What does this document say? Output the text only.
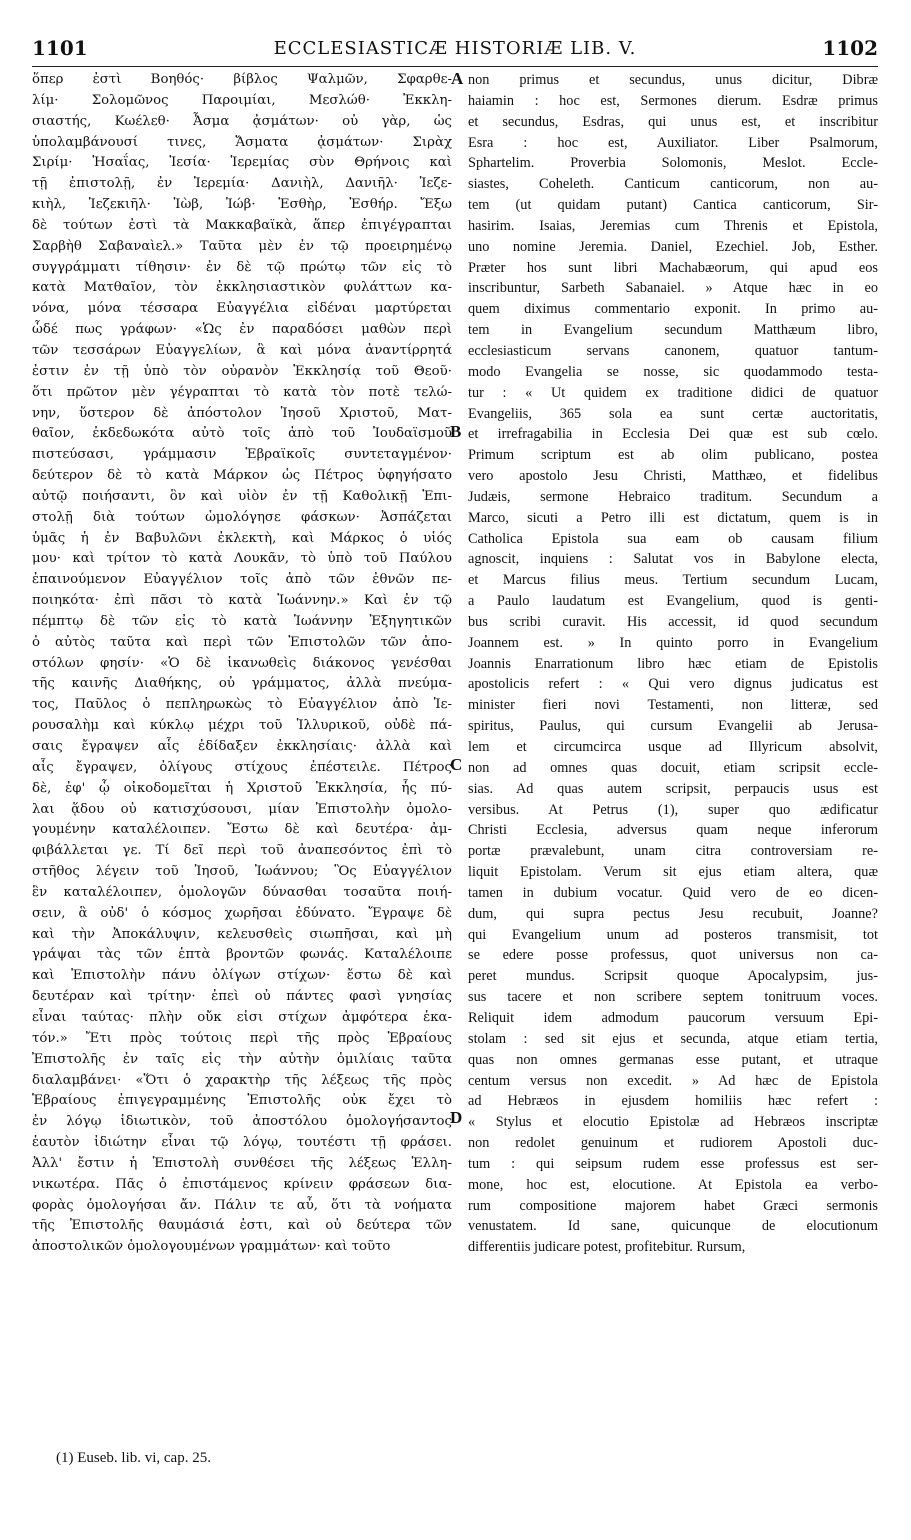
1101	ECCLESIASTICÆ HISTORIÆ LIB. V.	1102
ὅπερ ἐστὶ Βοηθός· βίβλος Ψαλμῶν, Σφαρθε-
λίμ· Σολομῶνος Παροιμίαι, Μεσλώθ· Ἐκκλη-
σιαστής, Κωέλεθ· Ἆσμα ᾀσμάτων· οὐ γὰρ, ὡς
ὑπολαμβάνουσί τινες, Ἄσματα ᾀσμάτων· Σιρὰχ
Σιρίμ· Ἡσαΐας, Ἰεσία· Ἱερεμίας σὺν Θρήνοις καὶ
τῇ ἐπιστολῇ, ἐν Ἱερεμία· Δανιὴλ, Δανιῆλ· Ἰεζε-
κιὴλ, Ἰεζεκιῆλ· Ἰὼβ, Ἰώβ· Ἐσθὴρ, Ἐσθήρ. Ἔξω
δὲ τούτων ἐστὶ τὰ Μακκαβαϊκὰ, ἅπερ ἐπιγέγραπται
Σαρβὴθ Σαβαναὶελ.» Ταῦτα μὲν ἐν τῷ προειρημένῳ
συγγράμματι τίθησιν· ἐν δὲ τῷ πρώτῳ τῶν εἰς τὸ
κατὰ Ματθαῖον, τὸν ἐκκλησιαστικὸν φυλάττων κα-
νόνα, μόνα τέσσαρα Εὐαγγέλια εἰδέναι μαρτύρεται
ὧδέ πως γράφων· «Ὡς ἐν παραδόσει μαθὼν περὶ
τῶν τεσσάρων Εὐαγγελίων, ἃ καὶ μόνα ἀναντίρρητά
ἐστιν ἐν τῇ ὑπὸ τὸν οὐρανὸν Ἐκκλησίᾳ τοῦ Θεοῦ·
ὅτι πρῶτον μὲν γέγραπται τὸ κατὰ τὸν ποτὲ τελώ-
νην, ὕστερον δὲ ἀπόστολον Ἰησοῦ Χριστοῦ, Ματ-
θαῖον, ἐκδεδωκότα αὐτὸ τοῖς ἀπὸ τοῦ Ἰουδαϊσμοῦ
πιστεύσασι, γράμμασιν Ἑβραϊκοῖς συντεταγμένον·
δεύτερον δὲ τὸ κατὰ Μάρκον ὡς Πέτρος ὑφηγήσατο
αὐτῷ ποιήσαντι, ὃν καὶ υἱὸν ἐν τῇ Καθολικῇ Ἐπι-
στολῇ διὰ τούτων ὡμολόγησε φάσκων· Ἀσπάζεται
ὑμᾶς ἡ ἐν Βαβυλῶνι ἐκλεκτὴ, καὶ Μάρκος ὁ υἱός
μου· καὶ τρίτον τὸ κατὰ Λουκᾶν, τὸ ὑπὸ τοῦ Παύλου
ἐπαινούμενον Εὐαγγέλιον τοῖς ἀπὸ τῶν ἐθνῶν πε-
ποιηκότα· ἐπὶ πᾶσι τὸ κατὰ Ἰωάννην.» Καὶ ἐν τῷ
πέμπτῳ δὲ τῶν εἰς τὸ κατὰ Ἰωάννην Ἐξηγητικῶν
ὁ αὐτὸς ταῦτα καὶ περὶ τῶν Ἐπιστολῶν τῶν ἀπο-
στόλων φησίν· «Ὁ δὲ ἱκανωθεὶς διάκονος γενέσθαι
τῆς καινῆς Διαθήκης, οὐ γράμματος, ἀλλὰ πνεύμα-
τος, Παῦλος ὁ πεπληρωκὼς τὸ Εὐαγγέλιον ἀπὸ Ἱε-
ρουσαλὴμ καὶ κύκλῳ μέχρι τοῦ Ἰλλυρικοῦ, οὐδὲ πά-
σαις ἔγραψεν αἷς ἐδίδαξεν ἐκκλησίαις· ἀλλὰ καὶ
αἷς ἔγραψεν, ὀλίγους στίχους ἐπέστειλε. Πέτρος
δὲ, ἐφ' ᾧ οἰκοδομεῖται ἡ Χριστοῦ Ἐκκλησία, ἧς πύ-
λαι ᾅδου οὐ κατισχύσουσι, μίαν Ἐπιστολὴν ὁμολο-
γουμένην καταλέλοιπεν. Ἔστω δὲ καὶ δευτέρα· ἀμ-
φιβάλλεται γε. Τί δεῖ περὶ τοῦ ἀναπεσόντος ἐπὶ τὸ
στῆθος λέγειν τοῦ Ἰησοῦ, Ἰωάννου; Ὃς Εὐαγγέλιον
ἓν καταλέλοιπεν, ὁμολογῶν δύνασθαι τοσαῦτα ποιή-
σειν, ἃ οὐδ' ὁ κόσμος χωρῆσαι ἐδύνατο. Ἔγραψε δὲ
καὶ τὴν Ἀποκάλυψιν, κελευσθεὶς σιωπῆσαι, καὶ μὴ
γράψαι τὰς τῶν ἑπτὰ βροντῶν φωνάς. Καταλέλοιπε
καὶ Ἐπιστολὴν πάνυ ὀλίγων στίχων· ἔστω δὲ καὶ
δευτέραν καὶ τρίτην· ἐπεὶ οὐ πάντες φασὶ γνησίας
εἶναι ταύτας· πλὴν οὔκ εἰσι στίχων ἀμφότερα ἑκα-
τόν.» Ἔτι πρὸς τούτοις περὶ τῆς πρὸς Ἑβραίους
Ἐπιστολῆς ἐν ταῖς εἰς τὴν αὐτὴν ὁμιλίαις ταῦτα
διαλαμβάνει· «Ὅτι ὁ χαρακτὴρ τῆς λέξεως τῆς πρὸς
Ἑβραίους ἐπιγεγραμμένης Ἐπιστολῆς οὐκ ἔχει τὸ
ἐν λόγῳ ἰδιωτικὸν, τοῦ ἀποστόλου ὁμολογήσαντος
ἑαυτὸν ἰδιώτην εἶναι τῷ λόγῳ, τουτέστι τῇ φράσει.
Ἀλλ' ἔστιν ἡ Ἐπιστολὴ συνθέσει τῆς λέξεως Ἑλλη-
νικωτέρα. Πᾶς ὁ ἐπιστάμενος κρίνειν φράσεων δια-
φορὰς ὁμολογήσαι ἄν. Πάλιν τε αὖ, ὅτι τὰ νοήματα
τῆς Ἐπιστολῆς θαυμάσιά ἐστι, καὶ οὐ δεύτερα τῶν
ἀποστολικῶν ὁμολογουμένων γραμμάτων· καὶ τοῦτο
non primus et secundus, unus dicitur, Dibræ
haiamin : hoc est, Sermones dierum. Esdræ primus
et secundus, Esdras, qui unus est, et inscribitur
Esra : hoc est, Auxiliator. Liber Psalmorum,
Sphartelim. Proverbia Solomonis, Meslot. Eccle-
siastes, Coheleth. Canticum canticorum, non au-
tem (ut quidam putant) Cantica canticorum, Sir-
hasirim. Isaias, Jeremias cum Threnis et Epistola,
uno nomine Jeremia. Daniel, Ezechiel. Job, Esther.
Præter hos sunt libri Machabæorum, qui apud eos
inscribuntur, Sarbeth Sabanaiel. » Atque hæc in eo
quem diximus commentario exponit. In primo au-
tem in Evangelium secundum Matthæum libro,
ecclesiasticum servans canonem, quatuor tantum-
modo Evangelia se nosse, sic quodammodo testa-
tur : « Ut quidem ex traditione didici de quatuor
Evangeliis, 365 sola ea sunt certæ auctoritatis,
et irrefragabilia in Ecclesia Dei quæ est sub cœlo.
Primum scriptum est ab olim publicano, postea
vero apostolo Jesu Christi, Matthæo, et fidelibus
Judæis, sermone Hebraico traditum. Secundum a
Marco, sicuti a Petro illi est dictatum, quem is in
Catholica Epistola sua eam ob causam filium
agnoscit, inquiens : Salutat vos in Babylone electa,
et Marcus filius meus. Tertium secundum Lucam,
a Paulo laudatum est Evangelium, quod is genti-
bus scribi curavit. His accessit, id quod secundum
Joannem est. » In quinto porro in Evangelium
Joannis Enarrationum libro hæc etiam de Epistolis
apostolicis refert : « Qui vero dignus judicatus est
minister fieri novi Testamenti, non litteræ, sed
spiritus, Paulus, qui cursum Evangelii ab Jerusa-
lem et circumcirca usque ad Illyricum absolvit,
non ad omnes quas docuit, etiam scripsit eccle-
sias. Ad quas autem scripsit, perpaucis usus est
versibus. At Petrus (1), super quo ædificatur
Christi Ecclesia, adversus quam neque inferorum
portæ prævalebunt, unam citra controversiam re-
liquit Epistolam. Verum sit ejus etiam altera, quæ
tamen in dubium vocatur. Quid vero de eo dicen-
dum, qui supra pectus Jesu recubuit, Joanne?
qui Evangelium unum ad posteros transmisit, tot
se edere posse professus, quot universus non ca-
peret mundus. Scripsit quoque Apocalypsim, jus-
sus tacere et non scribere septem tonitruum voces.
Reliquit idem admodum paucorum versuum Epi-
stolam : sed sit ejus et secunda, atque etiam tertia,
quas non omnes germanas esse putant, et utraque
centum versus non excedit. » Ad hæc de Epistola
ad Hebræos in ejusdem homiliis hæc refert :
« Stylus et elocutio Epistolæ ad Hebræos inscriptæ
non redolet genuinum et rudiorem Apostoli duc-
tum : qui seipsum rudem esse professus est ser-
mone, hoc est, elocutione. At Epistola ea verbo-
rum compositione majorem habet Græci sermonis
venustatem. Id sane, quicunque de elocutionum
differentiis judicare potest, profitebitur. Rursum,
A
B
C
D
(1) Euseb. lib. vi, cap. 25.
